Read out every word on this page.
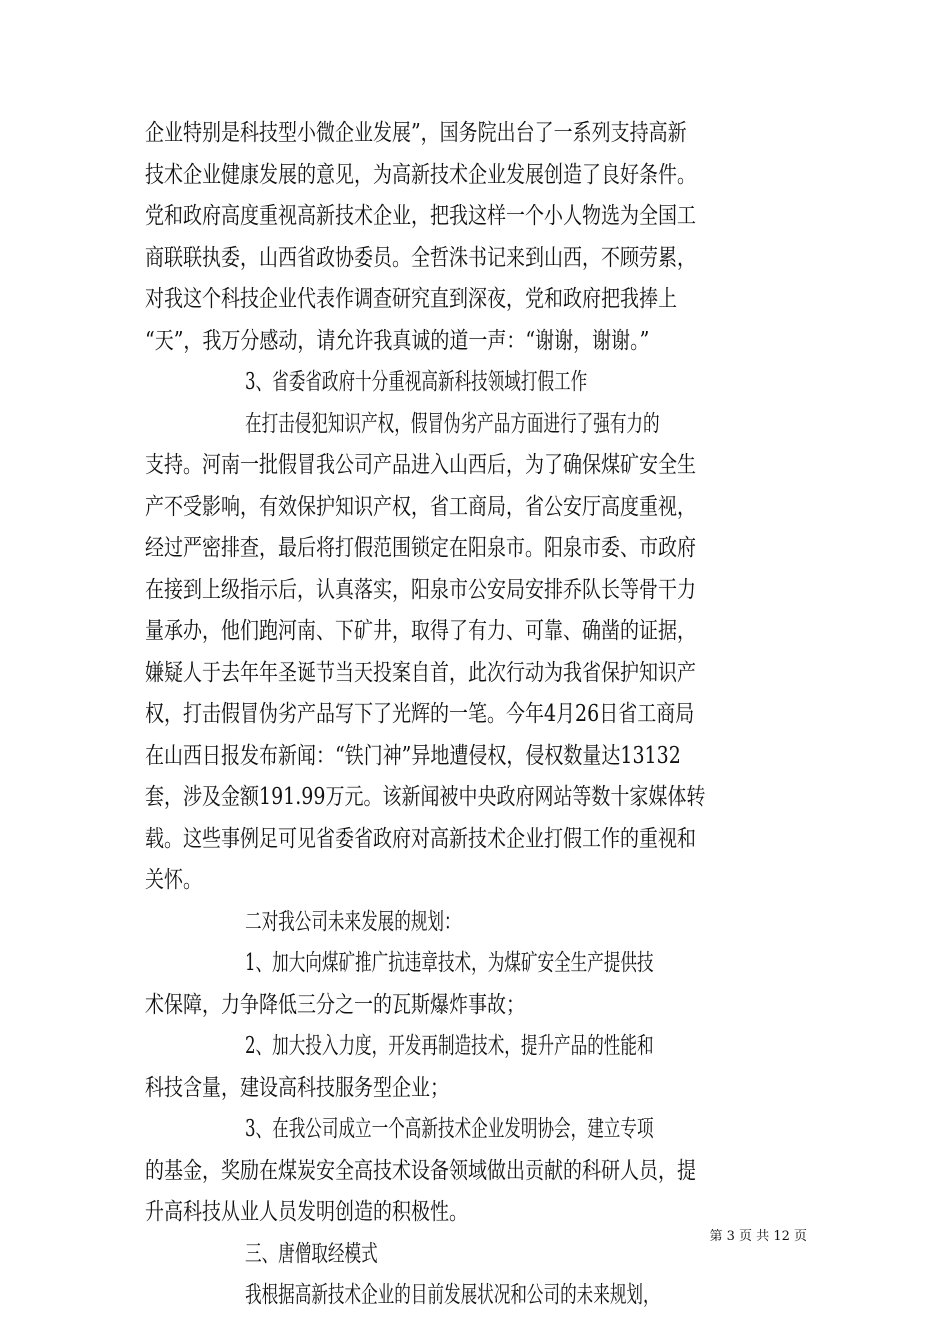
企业特别是科技型小微企业发展”，国务院出台了一系列支持高新
技术企业健康发展的意见，为高新技术企业发展创造了良好条件。
党和政府高度重视高新技术企业，把我这样一个小人物选为全国工
商联联执委，山西省政协委员。全哲洙书记来到山西，不顾劳累，
对我这个科技企业代表作调查研究直到深夜，党和政府把我捧上
“天”，我万分感动，请允许我真诚的道一声：“谢谢，谢谢。”
3、省委省政府十分重视高新科技领域打假工作
在打击侵犯知识产权，假冒伪劣产品方面进行了强有力的
支持。河南一批假冒我公司产品进入山西后，为了确保煤矿安全生
产不受影响，有效保护知识产权，省工商局，省公安厅高度重视，
经过严密排查，最后将打假范围锁定在阳泉市。阳泉市委、市政府
在接到上级指示后，认真落实，阳泉市公安局安排乔队长等骨干力
量承办，他们跑河南、下矿井，取得了有力、可靠、确凿的证据，
嫌疑人于去年年圣诞节当天投案自首，此次行动为我省保护知识产
权，打击假冒伪劣产品写下了光辉的一笔。今年4月26日省工商局
在山西日报发布新闻：“铁门神”异地遭侵权，侵权数量达13132
套，涉及金额191.99万元。该新闻被中央政府网站等数十家媒体转
载。这些事例足可见省委省政府对高新技术企业打假工作的重视和
关怀。
二对我公司未来发展的规划：
1、加大向煤矿推广抗违章技术，为煤矿安全生产提供技
术保障，力争降低三分之一的瓦斯爆炸事故；
2、加大投入力度，开发再制造技术，提升产品的性能和
科技含量，建设高科技服务型企业；
3、在我公司成立一个高新技术企业发明协会，建立专项
的基金，奖励在煤炭安全高技术设备领域做出贡献的科研人员，提
升高科技从业人员发明创造的积极性。
三、唐僧取经模式
我根据高新技术企业的目前发展状况和公司的未来规划，
第 3 页 共 12 页
